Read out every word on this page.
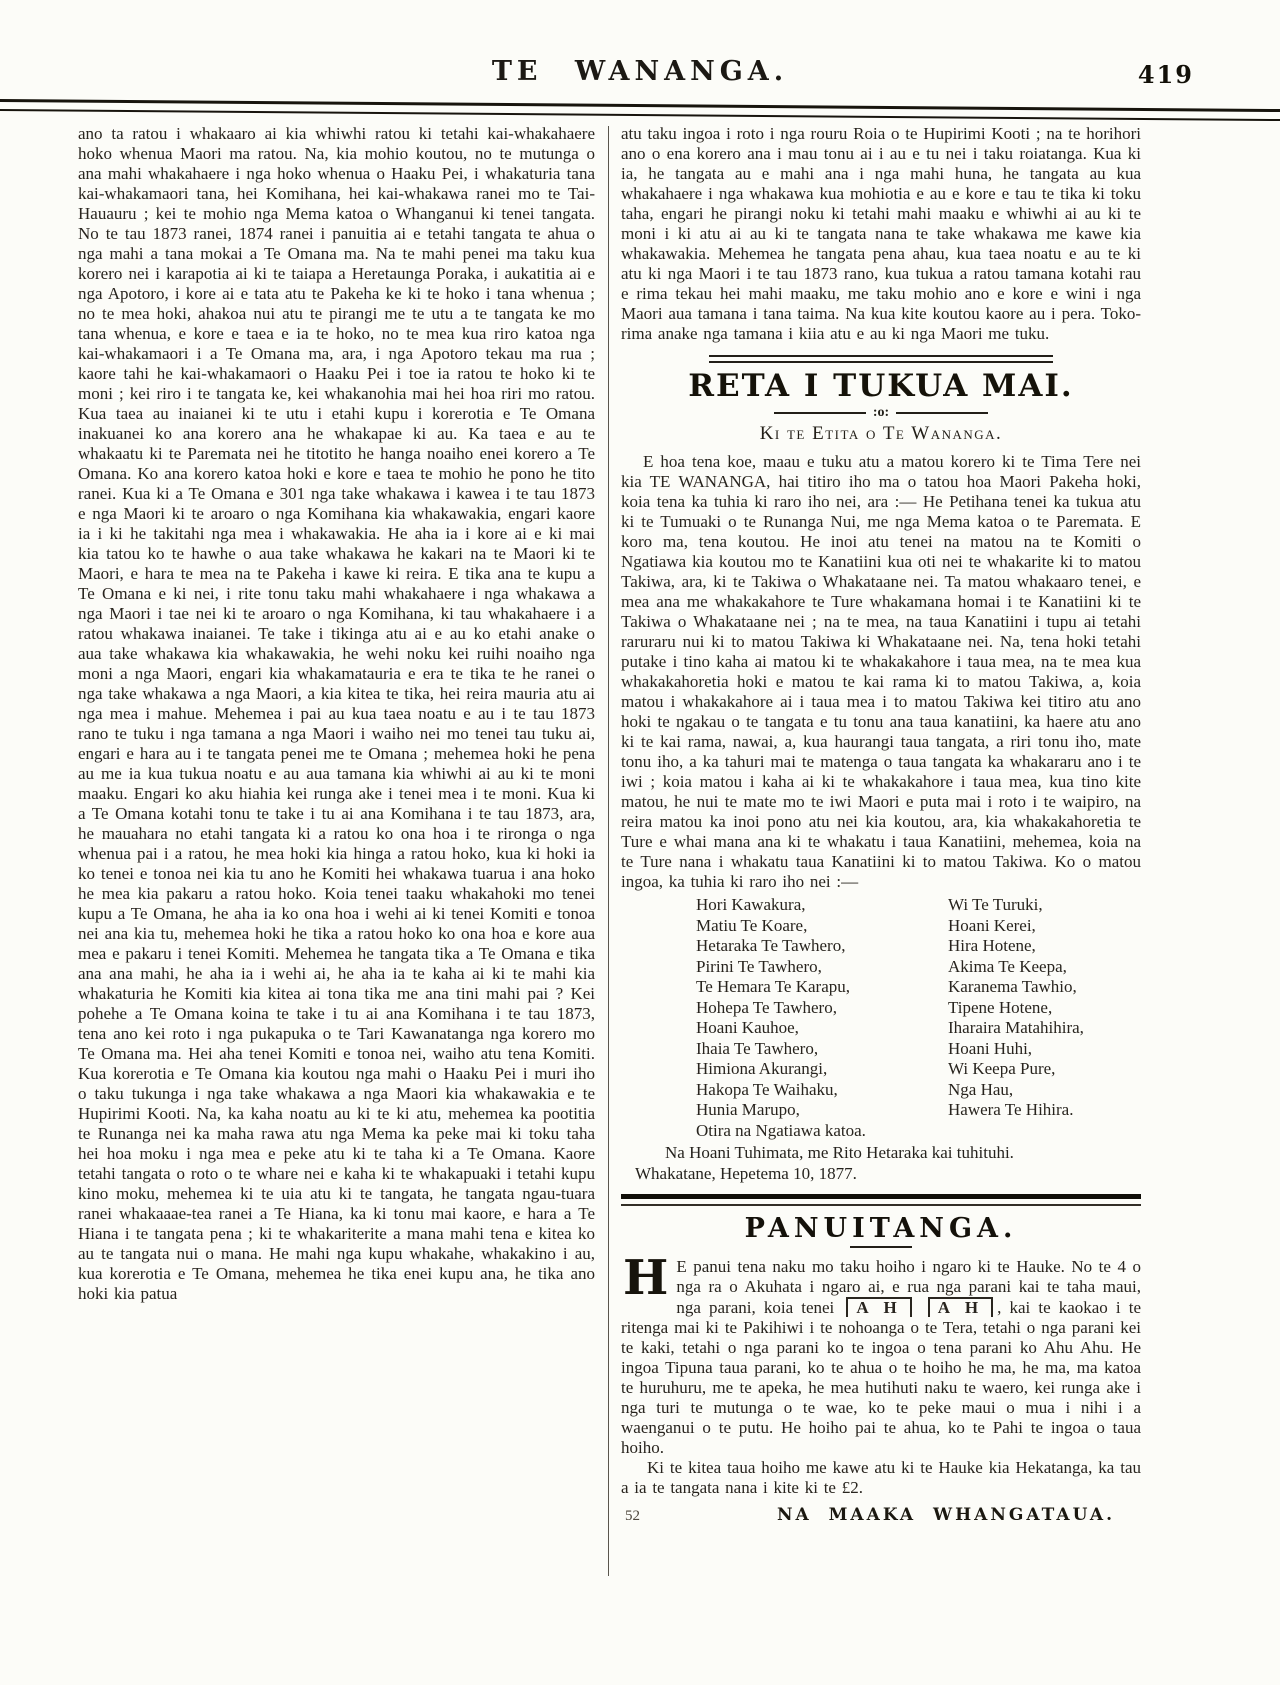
TE WANANGA.	419

ano ta ratou i whakaaro ai kia whiwhi ratou ki tetahi kai-whakahaere hoko whenua Maori ma ratou. Na, kia mohio koutou, no te mutunga o ana mahi whakahaere i nga hoko whenua o Haaku Pei, i whakaturia tana kai-whakamaori tana, hei Komihana, hei kai-whakawa ranei mo te Tai-Hauauru ; kei te mohio nga Mema katoa o Whanganui ki tenei tangata. No te tau 1873 ranei, 1874 ranei i panuitia ai e tetahi tangata te ahua o nga mahi a tana mokai a Te Omana ma. Na te mahi penei ma taku kua korero nei i karapotia ai ki te taiapa a Heretaunga Poraka, i aukatitia ai e nga Apotoro, i kore ai e tata atu te Pakeha ke ki te hoko i tana whenua ; no te mea hoki, ahakoa nui atu te pirangi me te utu a te tangata ke mo tana whenua, e kore e taea e ia te hoko, no te mea kua riro katoa nga kai-whakamaori i a Te Omana ma, ara, i nga Apotoro tekau ma rua ; kaore tahi he kai-whakamaori o Haaku Pei i toe ia ratou te hoko ki te moni ; kei riro i te tangata ke, kei whakanohia mai hei hoa riri mo ratou. Kua taea au inaianei ki te utu i etahi kupu i korerotia e Te Omana inakuanei ko ana korero ana he whakapae ki au. Ka taea e au te whakaatu ki te Paremata nei he titotito he hanga noaiho enei korero a Te Omana. Ko ana korero katoa hoki e kore e taea te mohio he pono he tito ranei. Kua ki a Te Omana e 301 nga take whakawa i kawea i te tau 1873 e nga Maori ki te aroaro o nga Komihana kia whakawakia, engari kaore ia i ki he takitahi nga mea i whakawakia. He aha ia i kore ai e ki mai kia tatou ko te hawhe o aua take whakawa he kakari na te Maori ki te Maori, e hara te mea na te Pakeha i kawe ki reira. E tika ana te kupu a Te Omana e ki nei, i rite tonu taku mahi whakahaere i nga whakawa a nga Maori i tae nei ki te aroaro o nga Komihana, ki tau whakahaere i a ratou whakawa inaianei. Te take i tikinga atu ai e au ko etahi anake o aua take whakawa kia whakawakia, he wehi noku kei ruihi noaiho nga moni a nga Maori, engari kia whakamatauria e era te tika te he ranei o nga take whakawa a nga Maori, a kia kitea te tika, hei reira mauria atu ai nga mea i mahue. Mehemea i pai au kua taea noatu e au i te tau 1873 rano te tuku i nga tamana a nga Maori i waiho nei mo tenei tau tuku ai, engari e hara au i te tangata penei me te Omana ; mehemea hoki he pena au me ia kua tukua noatu e au aua tamana kia whiwhi ai au ki te moni maaku. Engari ko aku hiahia kei runga ake i tenei mea i te moni. Kua ki a Te Omana kotahi tonu te take i tu ai ana Komihana i te tau 1873, ara, he mauahara no etahi tangata ki a ratou ko ona hoa i te rironga o nga whenua pai i a ratou, he mea hoki kia hinga a ratou hoko, kua ki hoki ia ko tenei e tonoa nei kia tu ano he Komiti hei whakawa tuarua i ana hoko he mea kia pakaru a ratou hoko. Koia tenei taaku whakahoki mo tenei kupu a Te Omana, he aha ia ko ona hoa i wehi ai ki tenei Komiti e tonoa nei ana kia tu, mehemea hoki he tika a ratou hoko ko ona hoa e kore aua mea e pakaru i tenei Komiti. Mehemea he tangata tika a Te Omana e tika ana ana mahi, he aha ia i wehi ai, he aha ia te kaha ai ki te mahi kia whakaturia he Komiti kia kitea ai tona tika me ana tini mahi pai ? Kei pohehe a Te Omana koina te take i tu ai ana Komihana i te tau 1873, tena ano kei roto i nga pukapuka o te Tari Kawanatanga nga korero mo Te Omana ma. Hei aha tenei Komiti e tonoa nei, waiho atu tena Komiti. Kua korerotia e Te Omana kia koutou nga mahi o Haaku Pei i muri iho o taku tukunga i nga take whakawa a nga Maori kia whakawakia e te Hupirimi Kooti. Na, ka kaha noatu au ki te ki atu, mehemea ka pootitia te Runanga nei ka maha rawa atu nga Mema ka peke mai ki toku taha hei hoa moku i nga mea e peke atu ki te taha ki a Te Omana. Kaore tetahi tangata o roto o te whare nei e kaha ki te whakapuaki i tetahi kupu kino moku, mehemea ki te uia atu ki te tangata, he tangata ngau-tuara ranei whakaaae-tea ranei a Te Hiana, ka ki tonu mai kaore, e hara a Te Hiana i te tangata pena ; ki te whakariterite a mana mahi tena e kitea ko au te tangata nui o mana. He mahi nga kupu whakahe, whakakino i au, kua korerotia e Te Omana, mehemea he tika enei kupu ana, he tika ano hoki kia patua

atu taku ingoa i roto i nga rouru Roia o te Hupirimi Kooti ; na te horihori ano o ena korero ana i mau tonu ai i au e tu nei i taku roiatanga. Kua ki ia, he tangata au e mahi ana i nga mahi huna, he tangata au kua whakahaere i nga whakawa kua mohiotia e au e kore e tau te tika ki toku taha, engari he pirangi noku ki tetahi mahi maaku e whiwhi ai au ki te moni i ki atu ai au ki te tangata nana te take whakawa me kawe kia whakawakia. Mehemea he tangata pena ahau, kua taea noatu e au te ki atu ki nga Maori i te tau 1873 rano, kua tukua a ratou tamana kotahi rau e rima tekau hei mahi maaku, me taku mohio ano e kore e wini i nga Maori aua tamana i tana taima. Na kua kite koutou kaore au i pera. Toko-rima anake nga tamana i kiia atu e au ki nga Maori me tuku.

RETA I TUKUA MAI.
:o:
Ki te Etita o Te Wananga.

E hoa tena koe, maau e tuku atu a matou korero ki te Tima Tere nei kia TE WANANGA, hai titiro iho ma o tatou hoa Maori Pakeha hoki, koia tena ka tuhia ki raro iho nei, ara :— He Petihana tenei ka tukua atu ki te Tumuaki o te Runanga Nui, me nga Mema katoa o te Paremata. E koro ma, tena koutou. He inoi atu tenei na matou na te Komiti o Ngatiawa kia koutou mo te Kanatiini kua oti nei te whakarite ki to matou Takiwa, ara, ki te Takiwa o Whakataane nei. Ta matou whakaaro tenei, e mea ana me whakakahore te Ture whakamana homai i te Kanatiini ki te Takiwa o Whakataane nei ; na te mea, na taua Kanatiini i tupu ai tetahi raruraru nui ki to matou Takiwa ki Whakataane nei. Na, tena hoki tetahi putake i tino kaha ai matou ki te whakakahore i taua mea, na te mea kua whakakahoretia hoki e matou te kai rama ki to matou Takiwa, a, koia matou i whakakahore ai i taua mea i to matou Takiwa kei titiro atu ano hoki te ngakau o te tangata e tu tonu ana taua kanatiini, ka haere atu ano ki te kai rama, nawai, a, kua haurangi taua tangata, a riri tonu iho, mate tonu iho, a ka tahuri mai te matenga o taua tangata ka whakararu ano i te iwi ; koia matou i kaha ai ki te whakakahore i taua mea, kua tino kite matou, he nui te mate mo te iwi Maori e puta mai i roto i te waipiro, na reira matou ka inoi pono atu nei kia koutou, ara, kia whakakahoretia te Ture e whai mana ana ki te whakatu i taua Kanatiini, mehemea, koia na te Ture nana i whakatu taua Kanatiini ki to matou Takiwa. Ko o matou ingoa, ka tuhia ki raro iho nei :—

Hori Kawakura,
Matiu Te Koare,
Hetaraka Te Tawhero,
Pirini Te Tawhero,
Te Hemara Te Karapu,
Hohepa Te Tawhero,
Hoani Kauhoe,
Ihaia Te Tawhero,
Himiona Akurangi,
Hakopa Te Waihaku,
Hunia Marupo,
Otira na Ngatiawa katoa.
Wi Te Turuki,
Hoani Kerei,
Hira Hotene,
Akima Te Keepa,
Karanema Tawhio,
Tipene Hotene,
Iharaira Matahihira,
Hoani Huhi,
Wi Keepa Pure,
Nga Hau,
Hawera Te Hihira.

Na Hoani Tuhimata, me Rito Hetaraka kai tuhituhi.

Whakatane, Hepetema 10, 1877.

PANUITANGA.

H E panui tena naku mo taku hoiho i ngaro ki te Hauke. No te 4 o nga ra o Akuhata i ngaro ai, e rua nga parani kai te taha maui, nga parani, koia tenei A H A H , kai te kaokao i te ritenga mai ki te Pakihiwi i te nohoanga o te Tera, tetahi o nga parani kei te kaki, tetahi o nga parani ko te ingoa o tena parani ko Ahu Ahu. He ingoa Tipuna taua parani, ko te ahua o te hoiho he ma, he ma, ma katoa te huruhuru, me te apeka, he mea hutihuti naku te waero, kei runga ake i nga turi te mutunga o te wae, ko te peke maui o mua i nihi i a waenganui o te putu. He hoiho pai te ahua, ko te Pahi te ingoa o taua hoiho.

Ki te kitea taua hoiho me kawe atu ki te Hauke kia Hekatanga, ka tau a ia te tangata nana i kite ki te £2.

52	NA MAAKA WHANGATAUA.
